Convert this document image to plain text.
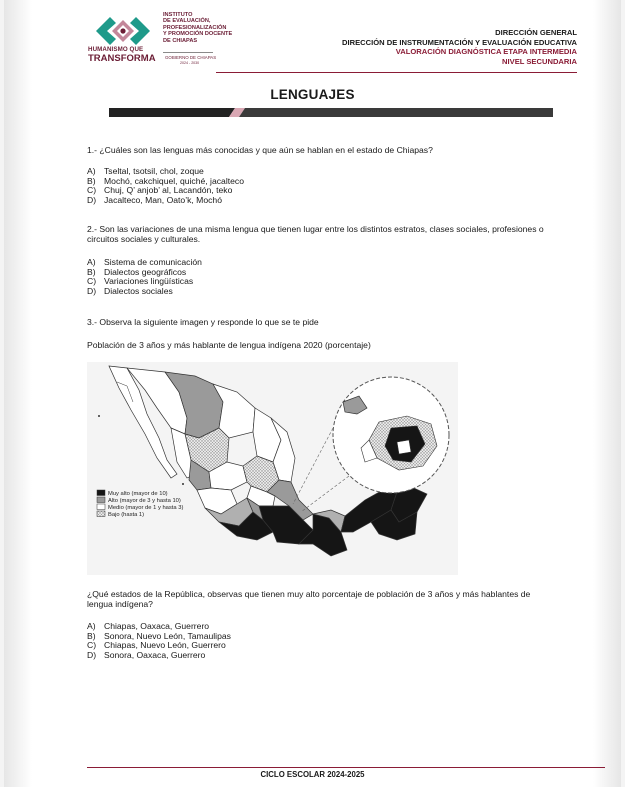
HUMANISMO QUE
TRANSFORMA
INSTITUTO
DE EVALUACIÓN,
PROFESIONALIZACIÓN
Y PROMOCIÓN DOCENTE
DE CHIAPAS
GOBIERNO DE CHIAPAS
2024 - 2030
DIRECCIÓN GENERAL
DIRECCIÓN DE INSTRUMENTACIÓN Y EVALUACIÓN EDUCATIVA
VALORACIÓN DIAGNÓSTICA ETAPA INTERMEDIA
NIVEL SECUNDARIA
LENGUAJES
1.- ¿Cuáles son las lenguas más conocidas y que aún se hablan en el estado de Chiapas?
A) Tseltal, tsotsil, chol, zoque
B) Mochó, cakchiquel, quiché, jacalteco
C) Chuj, Q’ anjob’ al, Lacandón, teko
D) Jacalteco, Man, Oato’k, Mochó
2.- Son las variaciones de una misma lengua que tienen lugar entre los distintos estratos, clases sociales, profesiones o circuitos sociales y culturales.
A) Sistema de comunicación
B) Dialectos geográficos
C) Variaciones lingüísticas
D) Dialectos sociales
3.- Observa la siguiente imagen y responde lo que se te pide
Población de 3 años y más hablante de lengua indígena 2020 (porcentaje)
Muy alto (mayor de 10)
Alto (mayor de 3 y hasta 10)
Medio (mayor de 1 y hasta 3)
Bajo (hasta 1)
¿Qué estados de la República, observas que tienen muy alto porcentaje de población de 3 años y más hablantes de lengua indígena?
A) Chiapas, Oaxaca, Guerrero
B) Sonora, Nuevo León, Tamaulipas
C) Chiapas, Nuevo León, Guerrero
D) Sonora, Oaxaca, Guerrero
CICLO ESCOLAR 2024-2025
